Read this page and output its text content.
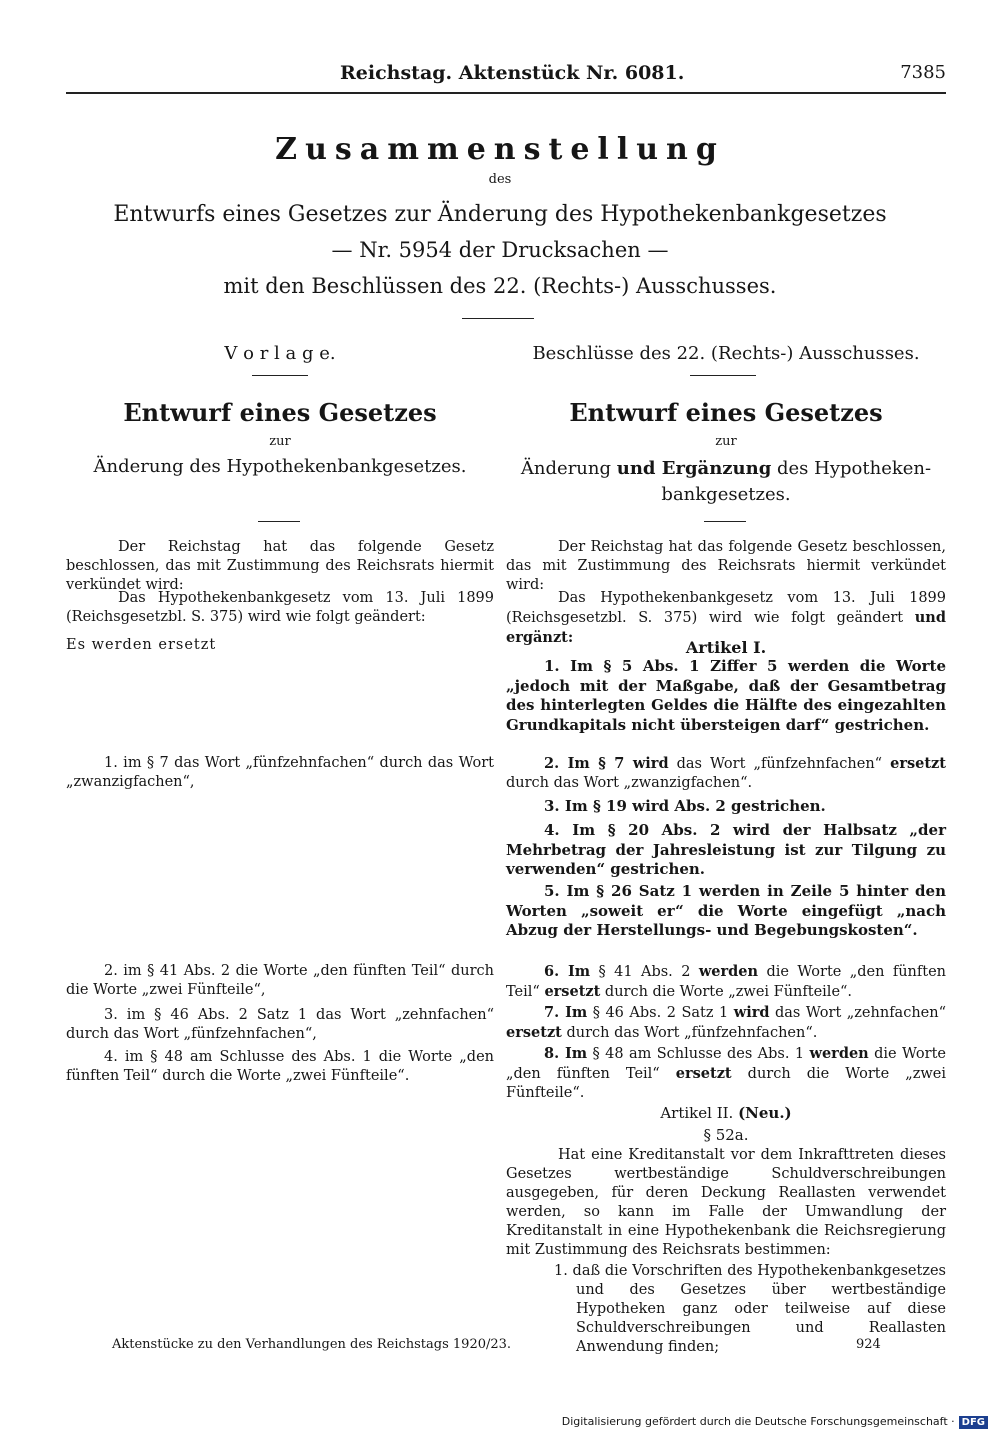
Reichstag. Aktenstück Nr. 6081.	7385
Zusammenstellung
des
Entwurfs eines Gesetzes zur Änderung des Hypothekenbankgesetzes
— Nr. 5954 der Drucksachen —
mit den Beschlüssen des 22. (Rechts-) Ausschusses.
V o r l a g e.
Entwurf eines Gesetzes
zur
Änderung des Hypothekenbankgesetzes.
Der Reichstag hat das folgende Gesetz beschlossen, das mit Zustimmung des Reichsrats hiermit verkündet wird:
Das Hypothekenbankgesetz vom 13. Juli 1899 (Reichsgesetzbl. S. 375) wird wie folgt geändert:
Es werden ersetzt
1. im § 7 das Wort „fünfzehnfachen“ durch das Wort „zwanzigfachen“,
2. im § 41 Abs. 2 die Worte „den fünften Teil“ durch die Worte „zwei Fünfteile“,
3. im § 46 Abs. 2 Satz 1 das Wort „zehnfachen“ durch das Wort „fünfzehnfachen“,
4. im § 48 am Schlusse des Abs. 1 die Worte „den fünften Teil“ durch die Worte „zwei Fünfteile“.
Beschlüsse des 22. (Rechts-) Ausschusses.
Entwurf eines Gesetzes
zur
Änderung und Ergänzung des Hypotheken-
bankgesetzes.
Der Reichstag hat das folgende Gesetz beschlossen, das mit Zustimmung des Reichsrats hiermit verkündet wird:
Das Hypothekenbankgesetz vom 13. Juli 1899 (Reichsgesetzbl. S. 375) wird wie folgt geändert und ergänzt:
Artikel I.
1. Im § 5 Abs. 1 Ziffer 5 werden die Worte „jedoch mit der Maßgabe, daß der Gesamtbetrag des hinterlegten Geldes die Hälfte des eingezahlten Grundkapitals nicht übersteigen darf“ gestrichen.
2. Im § 7 wird das Wort „fünfzehnfachen“ ersetzt durch das Wort „zwanzigfachen“.
3. Im § 19 wird Abs. 2 gestrichen.
4. Im § 20 Abs. 2 wird der Halbsatz „der Mehrbetrag der Jahresleistung ist zur Tilgung zu verwenden“ gestrichen.
5. Im § 26 Satz 1 werden in Zeile 5 hinter den Worten „soweit er“ die Worte eingefügt „nach Abzug der Herstellungs- und Begebungskosten“.
6. Im § 41 Abs. 2 werden die Worte „den fünften Teil“ ersetzt durch die Worte „zwei Fünfteile“.
7. Im § 46 Abs. 2 Satz 1 wird das Wort „zehnfachen“ ersetzt durch das Wort „fünfzehnfachen“.
8. Im § 48 am Schlusse des Abs. 1 werden die Worte „den fünften Teil“ ersetzt durch die Worte „zwei Fünfteile“.
Artikel II. (Neu.)
§ 52a.
Hat eine Kreditanstalt vor dem Inkrafttreten dieses Gesetzes wertbeständige Schuldverschreibungen ausgegeben, für deren Deckung Reallasten verwendet werden, so kann im Falle der Umwandlung der Kreditanstalt in eine Hypothekenbank die Reichsregierung mit Zustimmung des Reichsrats bestimmen:
1. daß die Vorschriften des Hypothekenbankgesetzes und des Gesetzes über wertbeständige Hypotheken ganz oder teilweise auf diese Schuldverschreibungen und Reallasten Anwendung finden;
Aktenstücke zu den Verhandlungen des Reichstags 1920/23.	924
Digitalisierung gefördert durch die Deutsche Forschungsgemeinschaft · DFG
